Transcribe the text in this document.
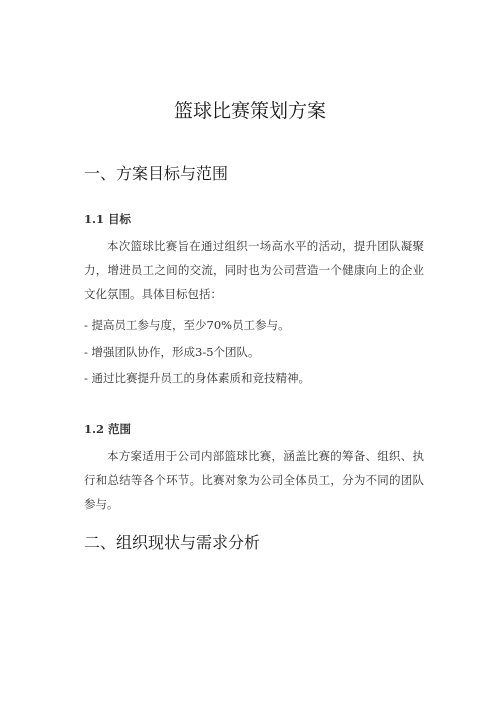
篮球比赛策划方案
一、方案目标与范围
1.1 目标

本次篮球比赛旨在通过组织一场高水平的活动，提升团队凝聚力，增进员工之间的交流，同时也为公司营造一个健康向上的企业文化氛围。具体目标包括：

- 提高员工参与度，至少70%员工参与。

- 增强团队协作，形成3-5个团队。

- 通过比赛提升员工的身体素质和竞技精神。

1.2 范围

本方案适用于公司内部篮球比赛，涵盖比赛的筹备、组织、执行和总结等各个环节。比赛对象为公司全体员工，分为不同的团队参与。

二、组织现状与需求分析
